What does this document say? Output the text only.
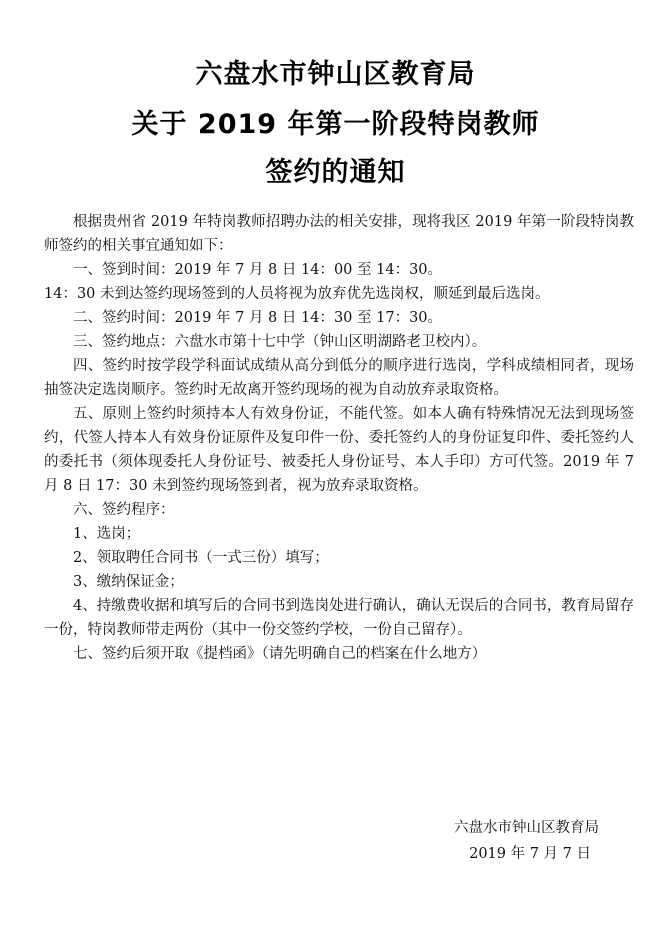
六盘水市钟山区教育局
关于 2019 年第一阶段特岗教师
签约的通知

根据贵州省 2019 年特岗教师招聘办法的相关安排，现将我区 2019 年第一阶段特岗教师签约的相关事宜通知如下：

一、签到时间：2019 年 7 月 8 日 14：00 至 14：30。

14：30 未到达签约现场签到的人员将视为放弃优先选岗权，顺延到最后选岗。

二、签约时间：2019 年 7 月 8 日 14：30 至 17：30。

三、签约地点：六盘水市第十七中学（钟山区明湖路老卫校内）。

四、签约时按学段学科面试成绩从高分到低分的顺序进行选岗，学科成绩相同者，现场抽签决定选岗顺序。签约时无故离开签约现场的视为自动放弃录取资格。

五、原则上签约时须持本人有效身份证，不能代签。如本人确有特殊情况无法到现场签约，代签人持本人有效身份证原件及复印件一份、委托签约人的身份证复印件、委托签约人的委托书（须体现委托人身份证号、被委托人身份证号、本人手印）方可代签。2019 年 7 月 8 日 17：30 未到签约现场签到者，视为放弃录取资格。

六、签约程序：

1、选岗；

2、领取聘任合同书（一式三份）填写；

3、缴纳保证金；

4、持缴费收据和填写后的合同书到选岗处进行确认，确认无误后的合同书，教育局留存一份，特岗教师带走两份（其中一份交签约学校，一份自己留存）。

七、签约后须开取《提档函》（请先明确自己的档案在什么地方）

六盘水市钟山区教育局
2019 年 7 月 7 日
